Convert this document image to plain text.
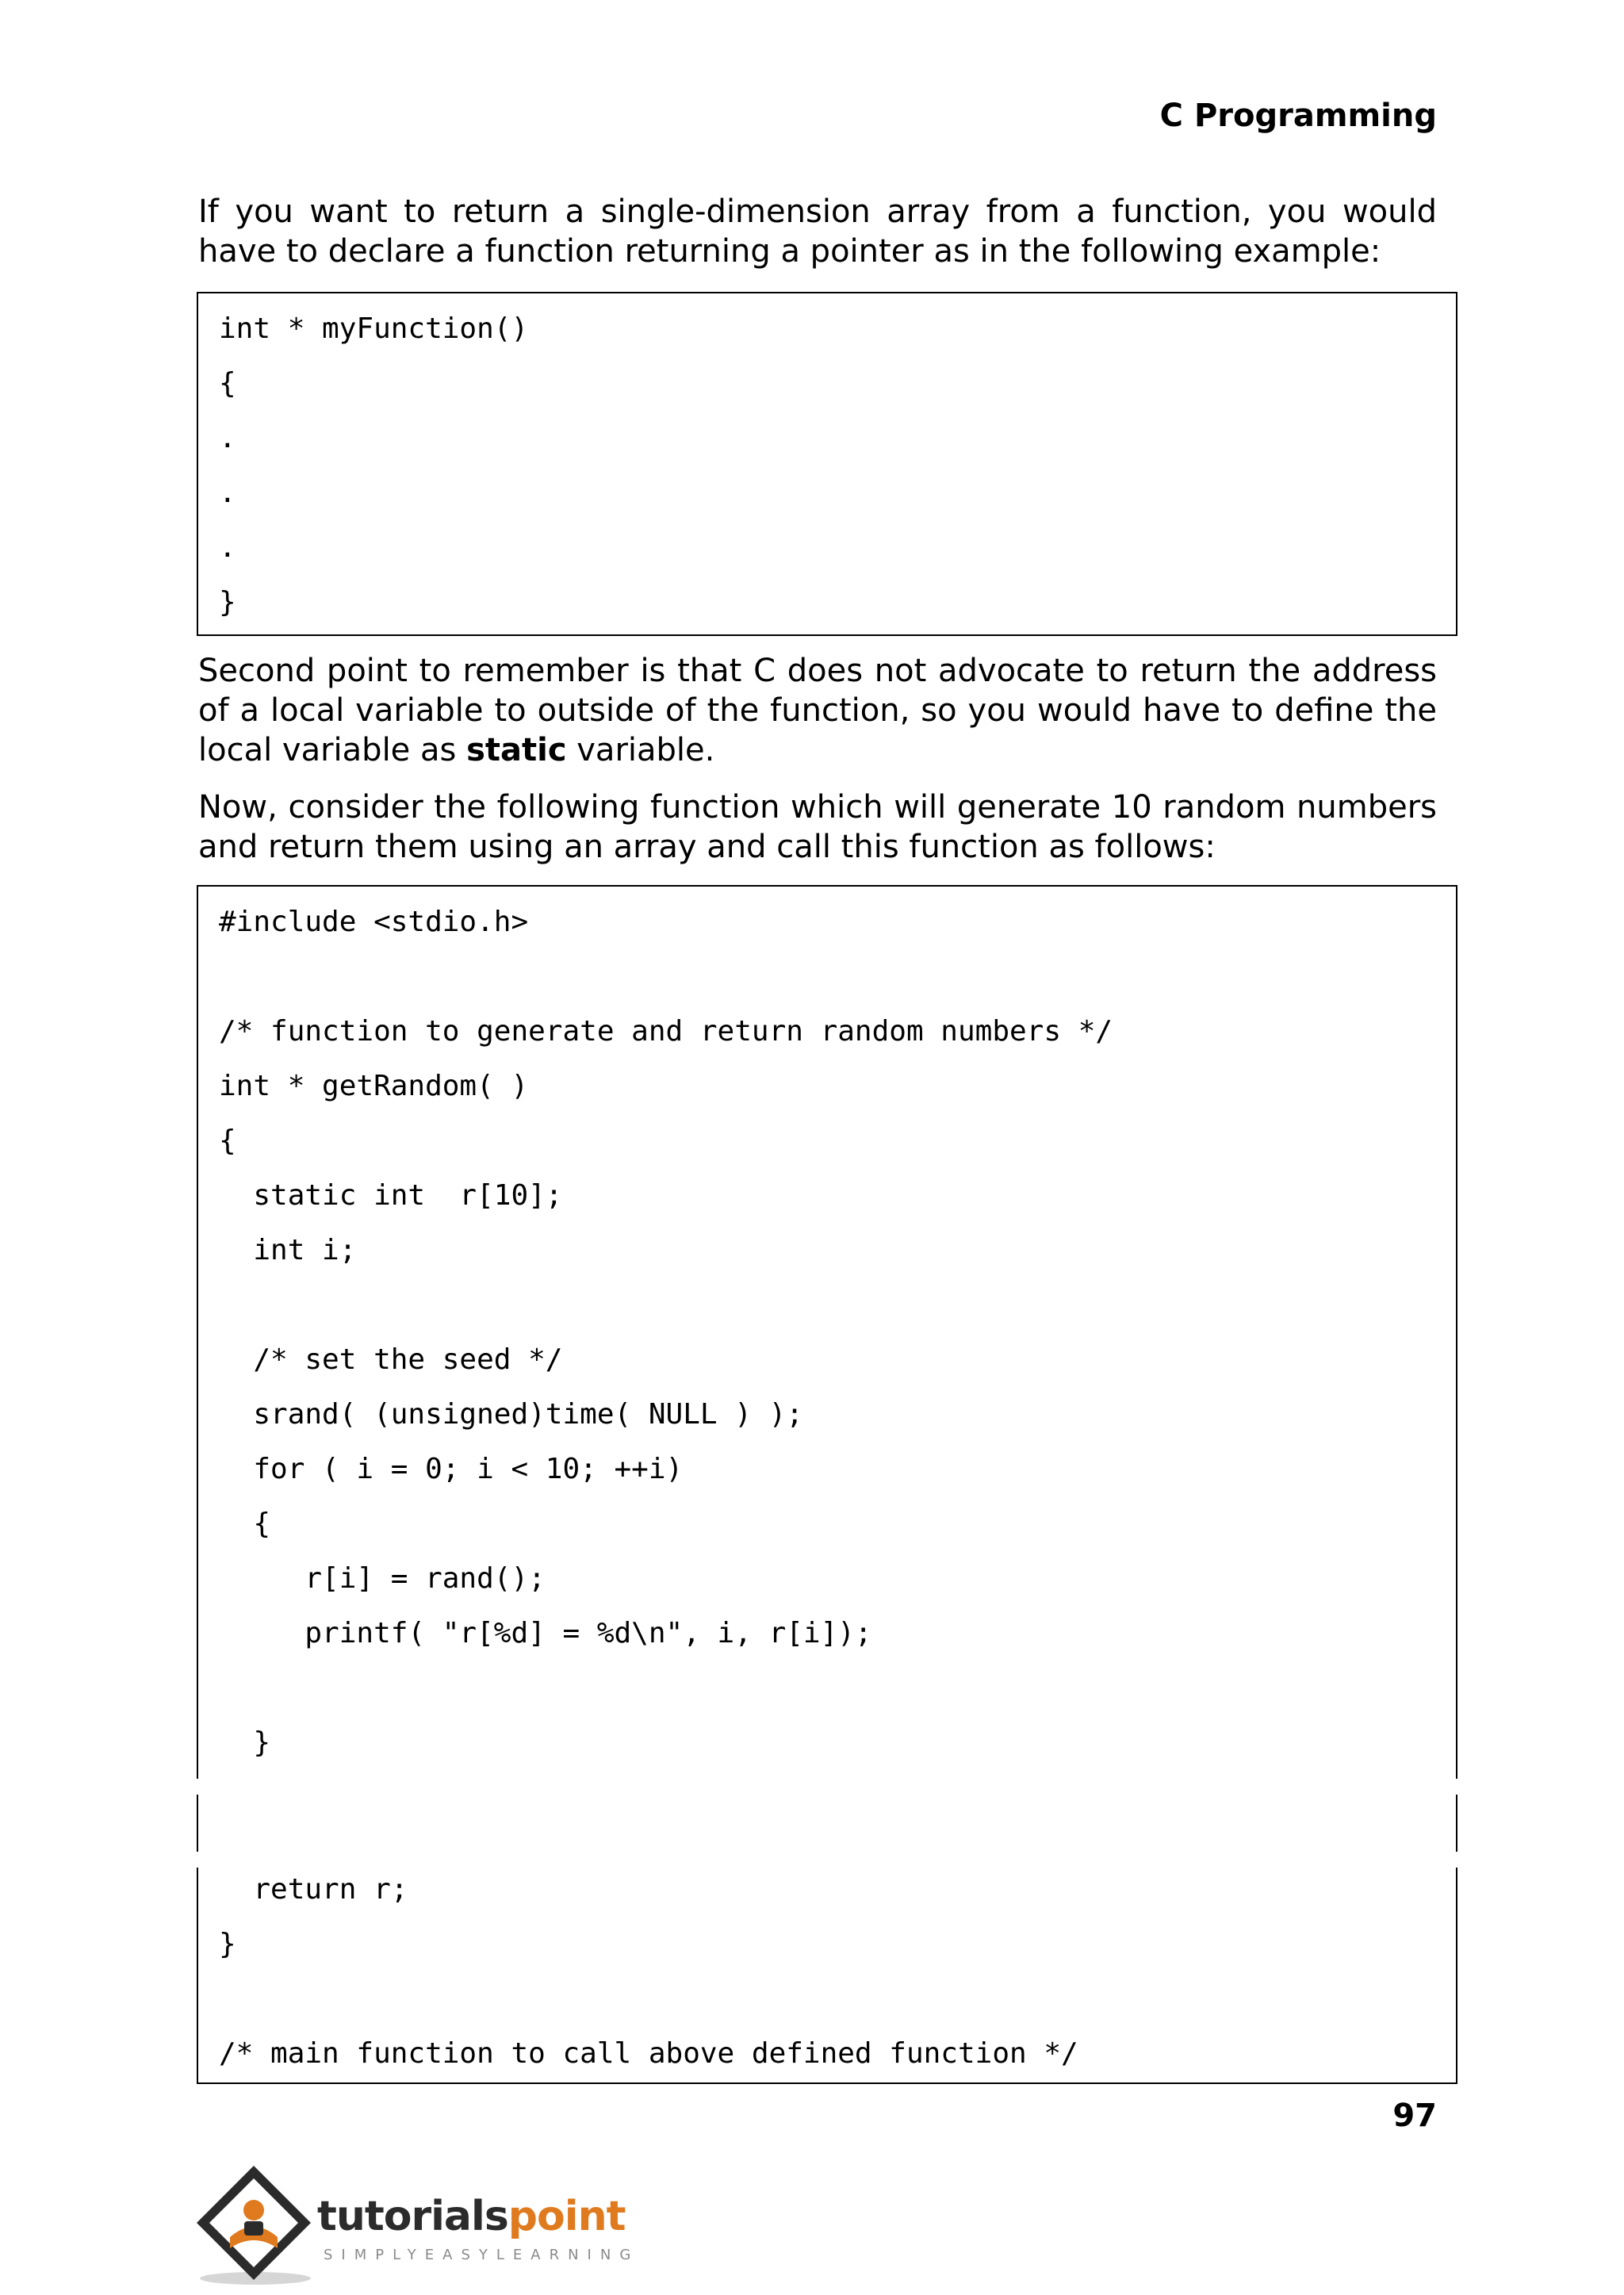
C Programming

If you want to return a single-dimension array from a function, you would have to declare a function returning a pointer as in the following example:

int * myFunction()
{
.
.
.
}

Second point to remember is that C does not advocate to return the address of a local variable to outside of the function, so you would have to define the local variable as static variable.

Now, consider the following function which will generate 10 random numbers and return them using an array and call this function as follows:

#include <stdio.h>
/* function to generate and return random numbers */
int * getRandom( )
{
static int  r[10];
int i;
/* set the seed */
srand( (unsigned)time( NULL ) );
for ( i = 0; i < 10; ++i)
{
r[i] = rand();
printf( "r[%d] = %d\n", i, r[i]);
}
return r;
}
/* main function to call above defined function */
97
tutorialspoint
SIMPLYEASYLEARNING
